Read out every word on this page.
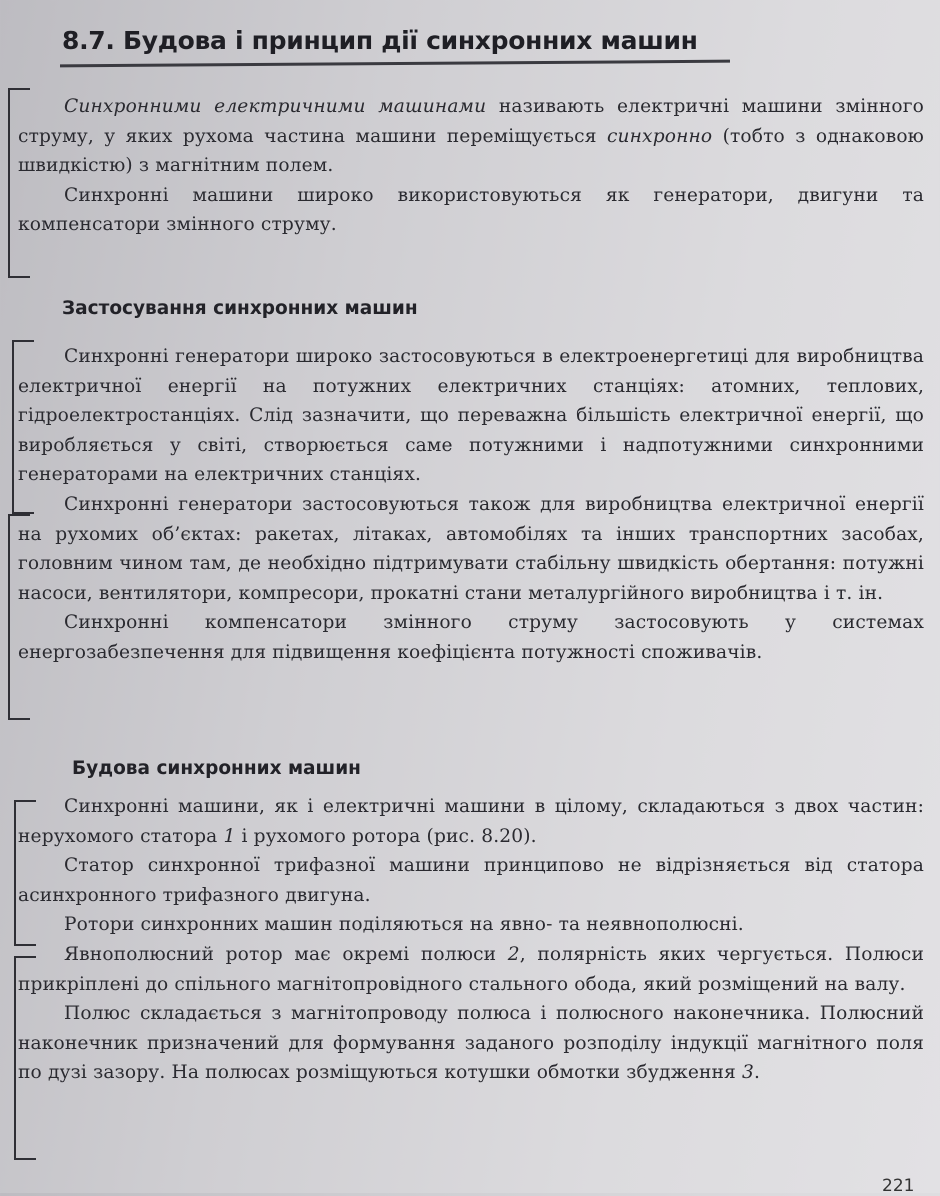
8.7. Будова і принцип дії синхронних машин

Синхронними електричними машинами називають електричні машини змінного струму, у яких рухома частина машини переміщується синхронно (тобто з однаковою швидкістю) з магнітним полем.

Синхронні машини широко використовуються як генератори, двигуни та компенсатори змінного струму.

Застосування синхронних машин

Синхронні генератори широко застосовуються в електроенергетиці для виробництва електричної енергії на потужних електричних станціях: атомних, теплових, гідроелектростанціях. Слід зазначити, що переважна більшість електричної енергії, що виробляється у світі, створюється саме потужними і надпотужними синхронними генераторами на електричних станціях.

Синхронні генератори застосовуються також для виробництва електричної енергії на рухомих об’єктах: ракетах, літаках, автомобілях та інших транспортних засобах, головним чином там, де необхідно підтримувати стабільну швидкість обертання: потужні насоси, вентилятори, компресори, прокатні стани металургійного виробництва і т. ін.

Синхронні компенсатори змінного струму застосовують у системах енергозабезпечення для підвищення коефіцієнта потужності споживачів.

Будова синхронних машин

Синхронні машини, як і електричні машини в цілому, складаються з двох частин: нерухомого статора 1 і рухомого ротора (рис. 8.20).

Статор синхронної трифазної машини принципово не відрізняється від статора асинхронного трифазного двигуна.

Ротори синхронних машин поділяються на явно- та неявнополюсні.

Явнополюсний ротор має окремі полюси 2, полярність яких чергується. Полюси прикріплені до спільного магнітопровідного стального обода, який розміщений на валу.

Полюс складається з магнітопроводу полюса і полюсного наконечника. Полюсний наконечник призначений для формування заданого розподілу індукції магнітного поля по дузі зазору. На полюсах розміщуються котушки обмотки збудження 3.

221
